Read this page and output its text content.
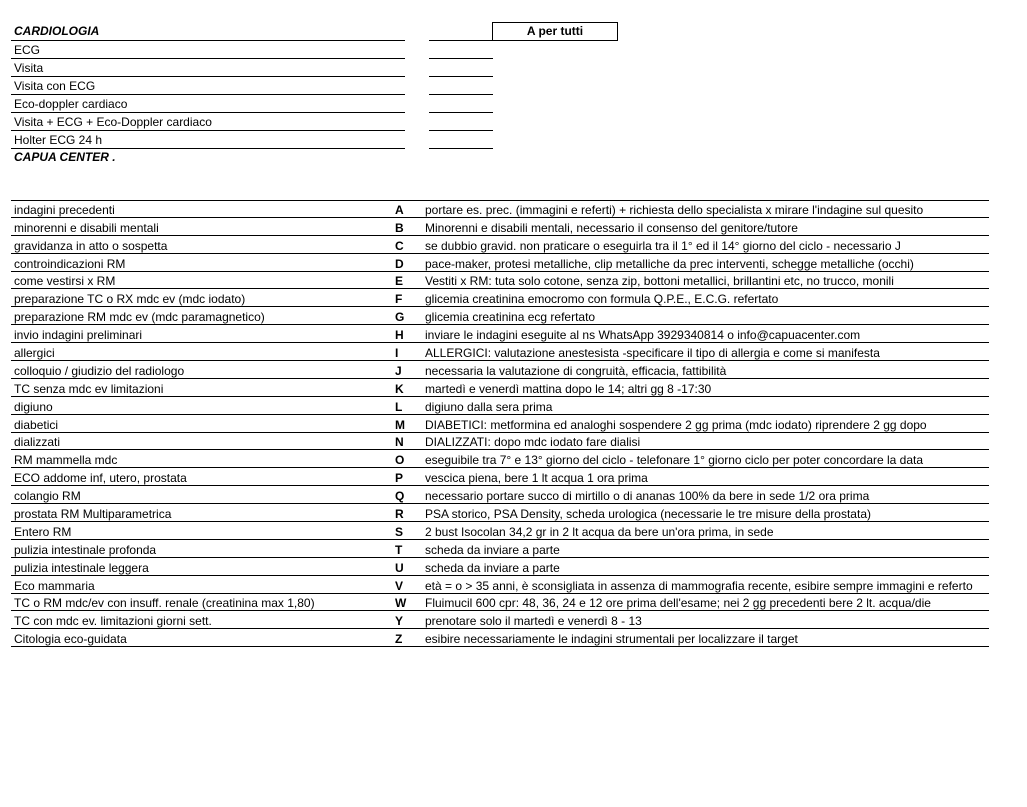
CARDIOLOGIA	A per tutti
ECG
Visita
Visita con ECG
Eco-doppler cardiaco
Visita + ECG + Eco-Doppler cardiaco
Holter ECG 24 h
CAPUA CENTER .
indagini precedenti	A portare es. prec. (immagini e referti) + richiesta dello specialista x mirare l'indagine sul quesito
minorenni e disabili mentali	B Minorenni e disabili mentali, necessario il consenso del genitore/tutore
gravidanza in atto o sospetta	C se dubbio gravid. non praticare o eseguirla tra il 1° ed il 14° giorno del ciclo - necessario J
controindicazioni RM	D pace-maker, protesi metalliche, clip metalliche da prec interventi, schegge metalliche (occhi)
come vestirsi x RM	E Vestiti x RM: tuta solo cotone, senza zip, bottoni metallici, brillantini etc, no trucco, monili
preparazione TC o RX mdc ev (mdc iodato)	F glicemia creatinina emocromo con formula Q.P.E., E.C.G. refertato
preparazione RM mdc ev (mdc paramagnetico)	G glicemia creatinina ecg refertato
invio indagini preliminari	H inviare le indagini eseguite al ns WhatsApp 3929340814 o info@capuacenter.com
allergici	I ALLERGICI: valutazione anestesista -specificare il tipo di allergia e come si manifesta
colloquio / giudizio del radiologo	J necessaria la valutazione di congruità, efficacia, fattibilità
TC senza mdc ev limitazioni	K martedì e venerdì mattina dopo le 14; altri gg 8 -17:30
digiuno	L digiuno dalla sera prima
diabetici	M DIABETICI: metformina ed analoghi sospendere 2 gg prima (mdc iodato) riprendere 2 gg dopo
dializzati	N DIALIZZATI: dopo mdc iodato fare dialisi
RM mammella mdc	O eseguibile tra 7° e 13° giorno del ciclo - telefonare 1° giorno ciclo per poter concordare la data
ECO addome inf, utero, prostata	P vescica piena, bere 1 lt acqua 1 ora prima
colangio RM	Q necessario portare succo di mirtillo o di ananas 100% da bere in sede 1/2 ora prima
prostata RM Multiparametrica	R PSA storico, PSA Density, scheda urologica (necessarie le tre misure della prostata)
Entero RM	S 2 bust Isocolan 34,2 gr in 2 lt acqua da bere un'ora prima, in sede
pulizia intestinale profonda	T scheda da inviare a parte
pulizia intestinale leggera	U scheda da inviare a parte
Eco mammaria	V età = o > 35 anni, è sconsigliata in assenza di mammografia recente, esibire sempre immagini e referto
TC o RM mdc/ev con insuff. renale (creatinina max 1,80)	W Fluimucil 600 cpr: 48, 36, 24 e 12 ore prima dell'esame; nei 2 gg precedenti bere 2 lt. acqua/die
TC con mdc ev. limitazioni giorni sett.	Y prenotare solo il martedì e venerdì 8 - 13
Citologia eco-guidata	Z esibire necessariamente le indagini strumentali per localizzare il target
